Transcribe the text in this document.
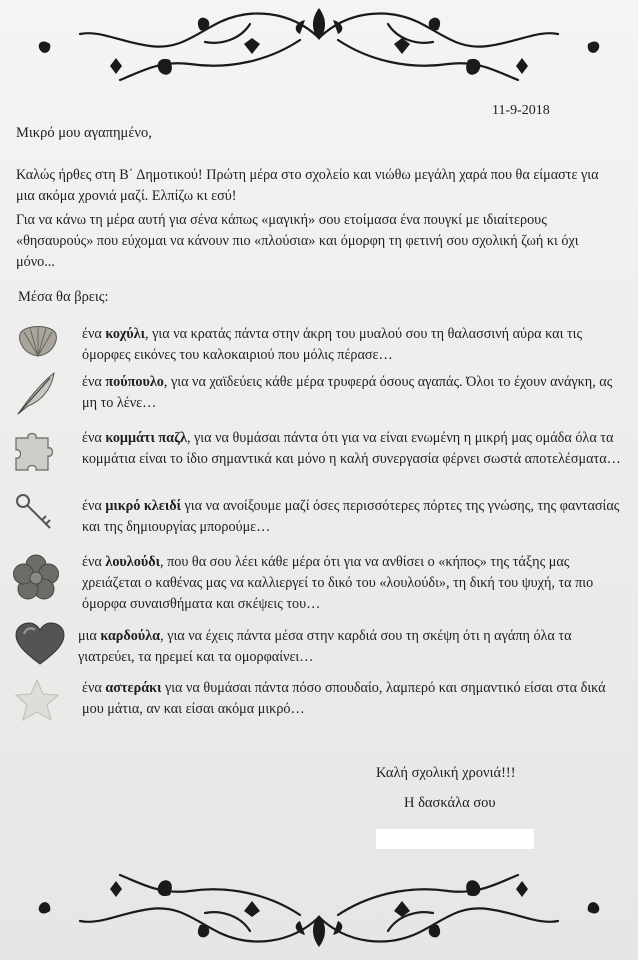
11-9-2018
Μικρό μου αγαπημένο,
Καλώς ήρθες στη Β΄ Δημοτικού! Πρώτη μέρα στο σχολείο και νιώθω μεγάλη χαρά που θα είμαστε για μια ακόμα χρονιά μαζί. Ελπίζω κι εσύ!
Για να κάνω τη μέρα αυτή για σένα κάπως «μαγική» σου ετοίμασα ένα πουγκί με ιδιαίτερους «θησαυρούς» που εύχομαι να κάνουν πιο «πλούσια» και όμορφη τη φετινή σου σχολική ζωή κι όχι μόνο...
Μέσα θα βρεις:
ένα κοχύλι, για να κρατάς πάντα στην άκρη του μυαλού σου τη θαλασσινή αύρα και τις όμορφες εικόνες του καλοκαιριού που μόλις πέρασε…
ένα πούπουλο, για να χαϊδεύεις κάθε μέρα τρυφερά όσους αγαπάς. Όλοι το έχουν ανάγκη, ας μη το λένε…
ένα κομμάτι παζλ, για να θυμάσαι πάντα ότι για να είναι ενωμένη η μικρή μας ομάδα όλα τα κομμάτια είναι το ίδιο σημαντικά και μόνο η καλή συνεργασία φέρνει σωστά αποτελέσματα…
ένα μικρό κλειδί για να ανοίξουμε μαζί όσες περισσότερες πόρτες της γνώσης, της φαντασίας και της δημιουργίας μπορούμε…
ένα λουλούδι, που θα σου λέει κάθε μέρα ότι για να ανθίσει ο «κήπος» της τάξης μας χρειάζεται ο καθένας μας να καλλιεργεί το δικό του «λουλούδι», τη δική του ψυχή, τα πιο όμορφα συναισθήματα και σκέψεις του…
μια καρδούλα, για να έχεις πάντα μέσα στην καρδιά σου τη σκέψη ότι η αγάπη όλα τα γιατρεύει, τα ηρεμεί και τα ομορφαίνει…
ένα αστεράκι για να θυμάσαι πάντα πόσο σπουδαίο, λαμπερό και σημαντικό είσαι στα δικά μου μάτια, αν και είσαι ακόμα μικρό…
Καλή σχολική χρονιά!!!
Η δασκάλα σου
